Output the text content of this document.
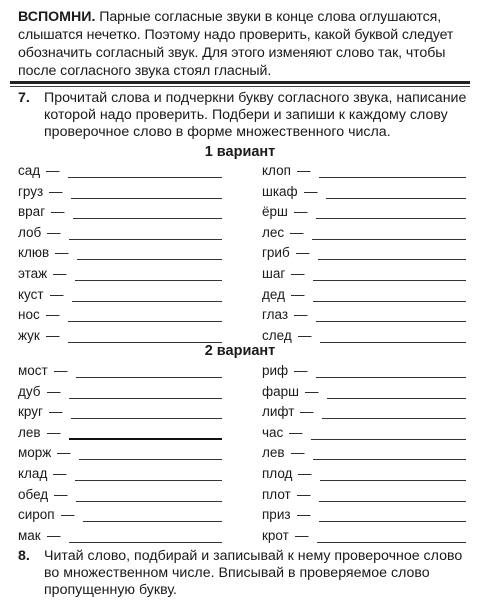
ВСПОМНИ. Парные согласные звуки в конце слова оглушаются, слышатся нечетко. Поэтому надо проверить, какой буквой следует обозначить согласный звук. Для этого изменяют слово так, чтобы после согласного звука стоял гласный.
7. Прочитай слова и подчеркни букву согласного звука, написание которой надо проверить. Подбери и запиши к каждому слову проверочное слово в форме множественного числа.
1 вариант
сад —
груз —
враг —
лоб —
клюв —
этаж —
куст —
нос —
жук —
клоп —
шкаф —
ёрш —
лес —
гриб —
шаг —
дед —
глаз —
след —
2 вариант
мост —
дуб —
круг —
лев —
морж —
клад —
обед —
сироп —
мак —
риф —
фарш —
лифт —
час —
лев —
плод —
плот —
приз —
крот —
8. Читай слово, подбирай и записывай к нему проверочное слово во множественном числе. Вписывай в проверяемое слово пропущенную букву.
